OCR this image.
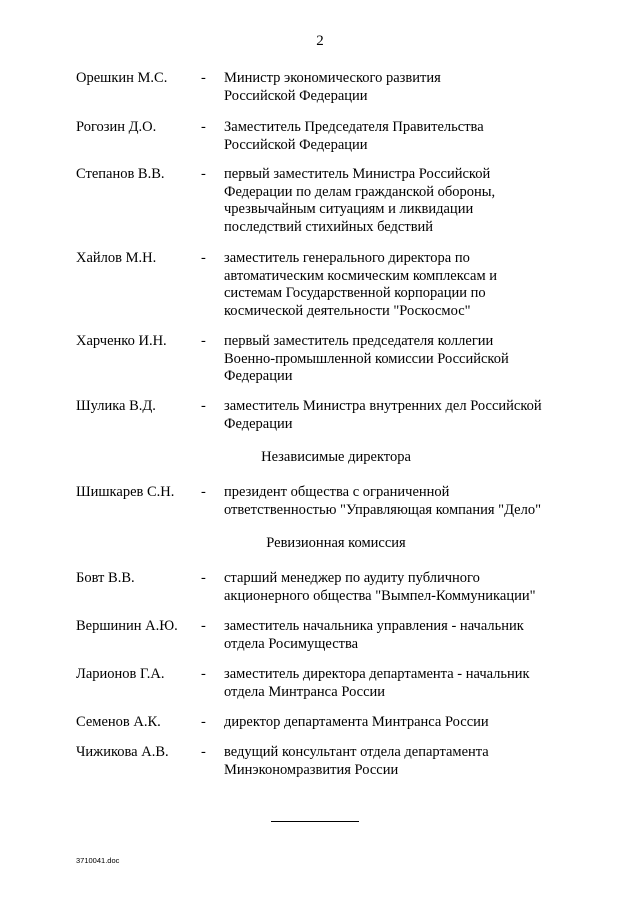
2
Орешкин М.С. - Министр экономического развития
Российской Федерации
Рогозин Д.О.	- Заместитель Председателя Правительства
Российской Федерации
Степанов В.В.	- первый заместитель Министра Российской
Федерации по делам гражданской обороны,
чрезвычайным ситуациям и ликвидации
последствий стихийных бедствий
Хайлов М.Н.	- заместитель генерального директора по
автоматическим космическим комплексам и
системам Государственной корпорации по
космической деятельности "Роскосмос"
Харченко И.Н. - первый заместитель председателя коллегии
Военно-промышленной комиссии Российской
Федерации
Шулика В.Д.	- заместитель Министра внутренних дел Российской
Федерации
Независимые директора
Шишкарев С.Н. - президент общества с ограниченной
ответственностью "Управляющая компания "Дело"
Ревизионная комиссия
Бовт В.В.	- старший менеджер по аудиту публичного
акционерного общества "Вымпел-Коммуникации"
Вершинин А.Ю. - заместитель начальника управления - начальник
отдела Росимущества
Ларионов Г.А.	- заместитель директора департамента - начальник
отдела Минтранса России
Семенов А.К.	- директор департамента Минтранса России
Чижикова А.В. - ведущий консультант отдела департамента
Минэкономразвития России
3710041.doc
